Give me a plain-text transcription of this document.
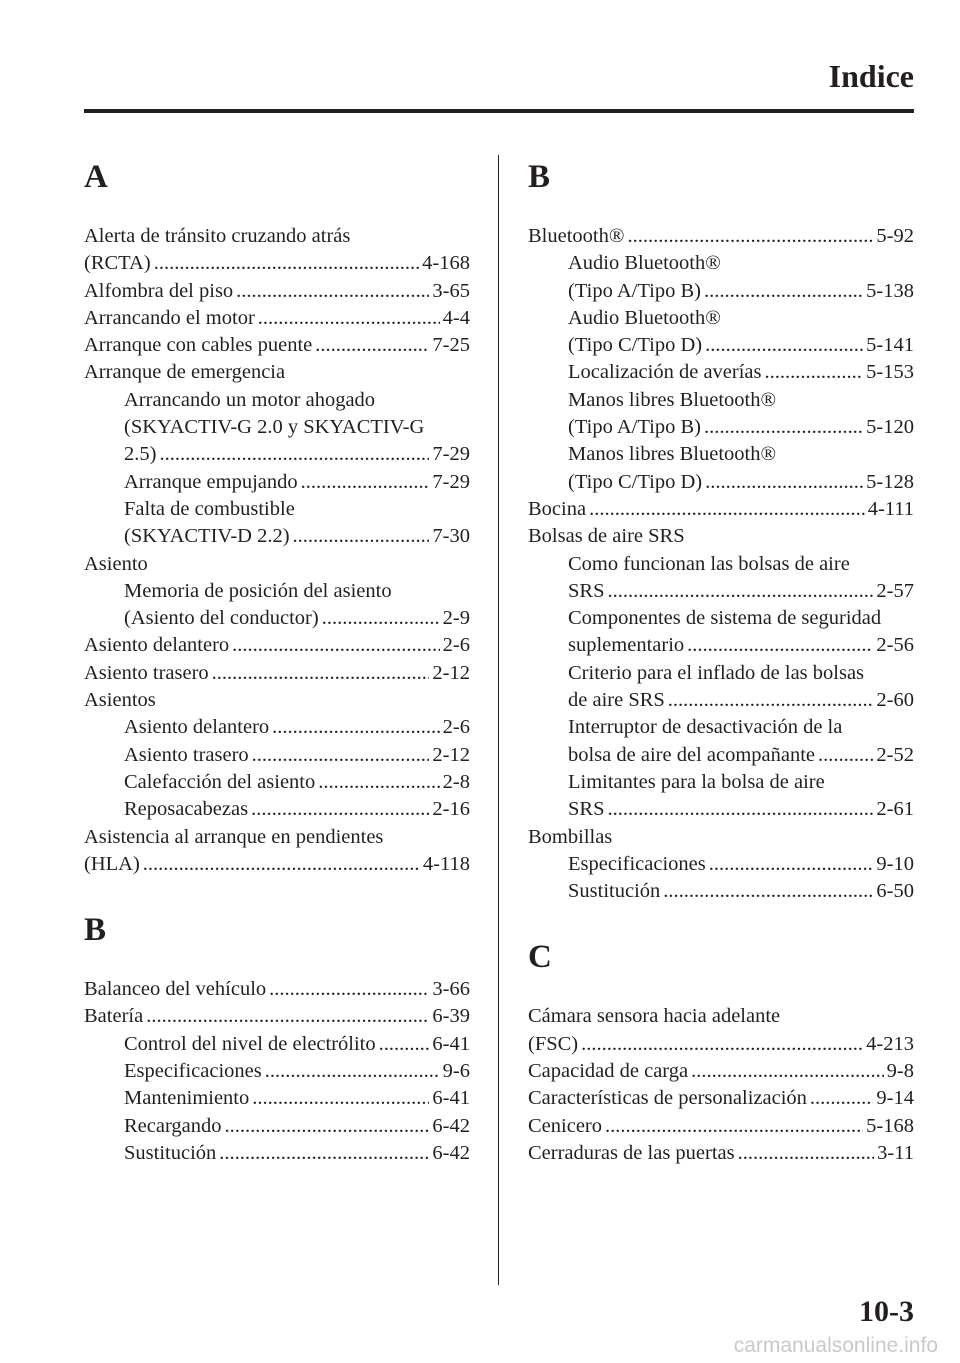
Indice
A
Alerta de tránsito cruzando atrás
(RCTA) .....	4-168
Alfombra del piso .....	3-65
Arrancando el motor .....	4-4
Arranque con cables puente .....	7-25
Arranque de emergencia
Arrancando un motor ahogado
(SKYACTIV-G 2.0 y SKYACTIV-G
2.5) .....	7-29
Arranque empujando .....	7-29
Falta de combustible
(SKYACTIV-D 2.2) .....	7-30
Asiento
Memoria de posición del asiento
(Asiento del conductor) .....	2-9
Asiento delantero .....	2-6
Asiento trasero .....	2-12
Asientos
Asiento delantero .....	2-6
Asiento trasero .....	2-12
Calefacción del asiento .....	2-8
Reposacabezas .....	2-16
Asistencia al arranque en pendientes
(HLA) .....	4-118
B
Balanceo del vehículo .....	3-66
Batería .....	6-39
Control del nivel de electrólito .....	6-41
Especificaciones .....	9-6
Mantenimiento .....	6-41
Recargando .....	6-42
Sustitución .....	6-42
B
Bluetooth® .....	5-92
Audio Bluetooth®
(Tipo A/Tipo B) .....	5-138
Audio Bluetooth®
(Tipo C/Tipo D) .....	5-141
Localización de averías .....	5-153
Manos libres Bluetooth®
(Tipo A/Tipo B) .....	5-120
Manos libres Bluetooth®
(Tipo C/Tipo D) .....	5-128
Bocina .....	4-111
Bolsas de aire SRS
Como funcionan las bolsas de aire
SRS .....	2-57
Componentes de sistema de seguridad
suplementario .....	2-56
Criterio para el inflado de las bolsas
de aire SRS .....	2-60
Interruptor de desactivación de la
bolsa de aire del acompañante .....	2-52
Limitantes para la bolsa de aire
SRS .....	2-61
Bombillas
Especificaciones .....	9-10
Sustitución .....	6-50
C
Cámara sensora hacia adelante
(FSC) .....	4-213
Capacidad de carga .....	9-8
Características de personalización .....	9-14
Cenicero .....	5-168
Cerraduras de las puertas .....	3-11
10-3
carmanualsonline.info
